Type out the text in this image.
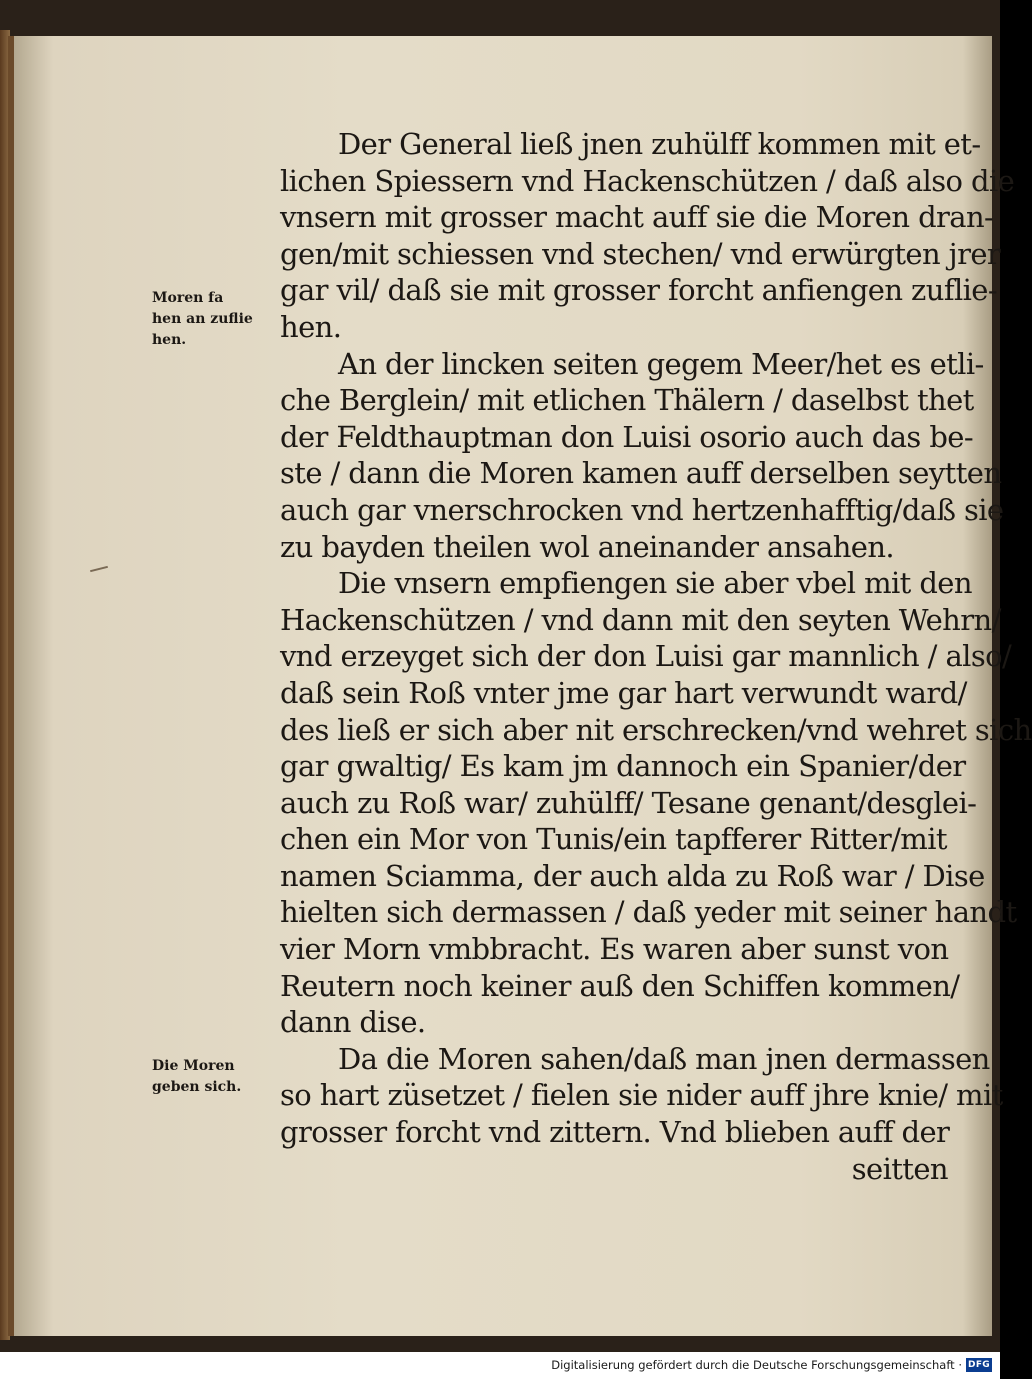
Der General ließ jnen zuhülff kommen mit et-
lichen Spiessern vnd Hackenschützen / daß also die
vnsern mit grosser macht auff sie die Moren dran-
gen/mit schiessen vnd stechen/ vnd erwürgten jrer
gar vil/ daß sie mit grosser forcht anfiengen zuflie-
hen.
An der lincken seiten gegem Meer/het es etli-
che Berglein/ mit etlichen Thälern / daselbst thet
der Feldthauptman don Luisi osorio auch das be-
ste / dann die Moren kamen auff derselben seytten
auch gar vnerschrocken vnd hertzenhafftig/daß sie
zu bayden theilen wol aneinander ansahen.
Die vnsern empfiengen sie aber vbel mit den
Hackenschützen / vnd dann mit den seyten Wehrn/
vnd erzeyget sich der don Luisi gar mannlich / also/
daß sein Roß vnter jme gar hart verwundt ward/
des ließ er sich aber nit erschrecken/vnd wehret sich
gar gwaltig/ Es kam jm dannoch ein Spanier/der
auch zu Roß war/ zuhülff/ Tesane genant/desglei-
chen ein Mor von Tunis/ein tapfferer Ritter/mit
namen Sciamma, der auch alda zu Roß war / Dise
hielten sich dermassen / daß yeder mit seiner handt
vier Morn vmbbracht. Es waren aber sunst von
Reutern noch keiner auß den Schiffen kommen/
dann dise.
Da die Moren sahen/daß man jnen dermassen
so hart züsetzet / fielen sie nider auff jhre knie/ mit
grosser forcht vnd zittern. Vnd blieben auff der
seitten
Moren fa
hen an zuflie
hen.
Die Moren
geben sich.
Digitalisierung gefördert durch die Deutsche Forschungsgemeinschaft · DFG
